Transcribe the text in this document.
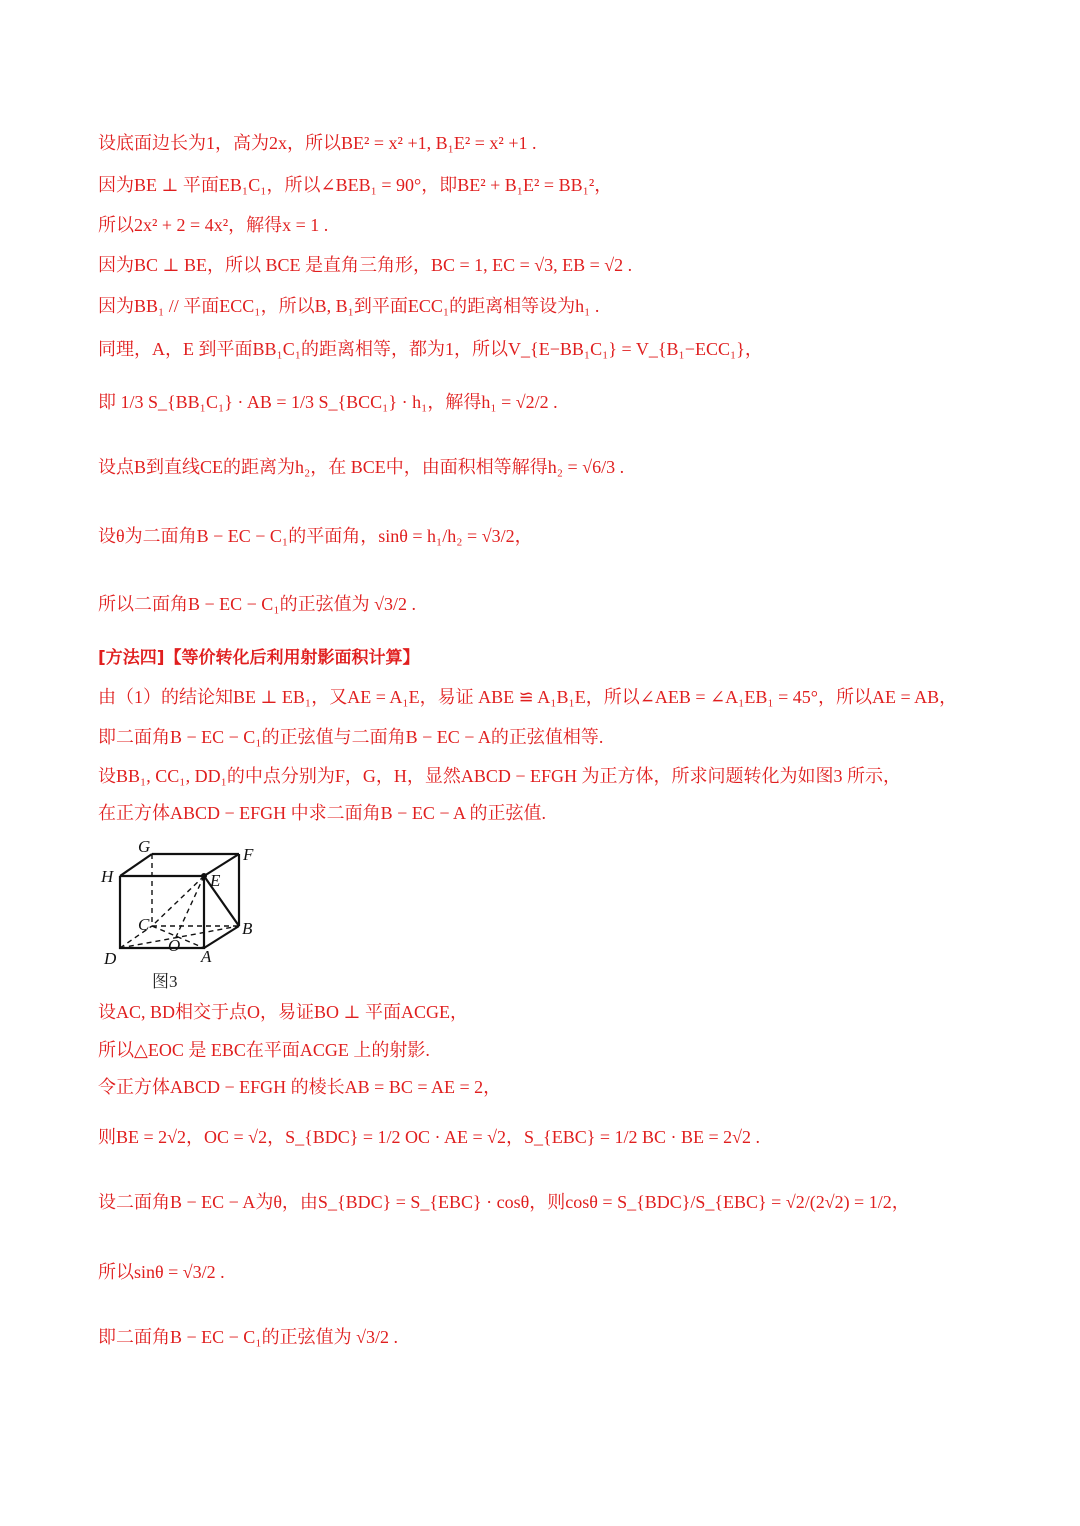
设底面边长为1，高为2x，所以BE² = x² +1, B₁E² = x² +1 .
因为BE ⊥ 平面EB₁C₁，所以∠BEB₁ = 90°，即BE² + B₁E² = BB₁²，
所以2x² + 2 = 4x²，解得x = 1 .
因为BC ⊥ BE，所以 BCE 是直角三角形，BC = 1, EC = √3, EB = √2 .
因为BB₁ // 平面ECC₁，所以B, B₁到平面ECC₁的距离相等设为h₁ .
同理，A，E 到平面BB₁C₁的距离相等，都为1，所以V_{E−BB₁C₁} = V_{B₁−ECC₁}，
即 1/3 S_{BB₁C₁} · AB = 1/3 S_{BCC₁} · h₁，解得h₁ = √2/2 .
设点B到直线CE的距离为h₂，在 BCE中，由面积相等解得h₂ = √6/3 .
设θ为二面角B − EC − C₁的平面角，sinθ = h₁/h₂ = √3/2，
所以二面角B − EC − C₁的正弦值为 √3/2 .
[方法四]【等价转化后利用射影面积计算】
由（1）的结论知BE ⊥ EB₁，又AE = A₁E，易证 ABE ≌ A₁B₁E，所以∠AEB = ∠A₁EB₁ = 45°，所以AE = AB，
即二面角B − EC − C₁的正弦值与二面角B − EC − A的正弦值相等.
设BB₁, CC₁, DD₁的中点分别为F，G，H，显然ABCD − EFGH 为正方体，所求问题转化为如图3 所示，
在正方体ABCD − EFGH 中求二面角B − EC − A 的正弦值.
G	F
H	E
C	B
O
D	A
图3
设AC, BD相交于点O，易证BO ⊥ 平面ACGE，
所以△EOC 是 EBC在平面ACGE 上的射影.
令正方体ABCD − EFGH 的棱长AB = BC = AE = 2，
则BE = 2√2，OC = √2，S_{BDC} = 1/2 OC · AE = √2，S_{EBC} = 1/2 BC · BE = 2√2 .
设二面角B − EC − A为θ，由S_{BDC} = S_{EBC} · cosθ，则cosθ = S_{BDC}/S_{EBC} = √2/(2√2) = 1/2，
所以sinθ = √3/2 .
即二面角B − EC − C₁的正弦值为 √3/2 .
